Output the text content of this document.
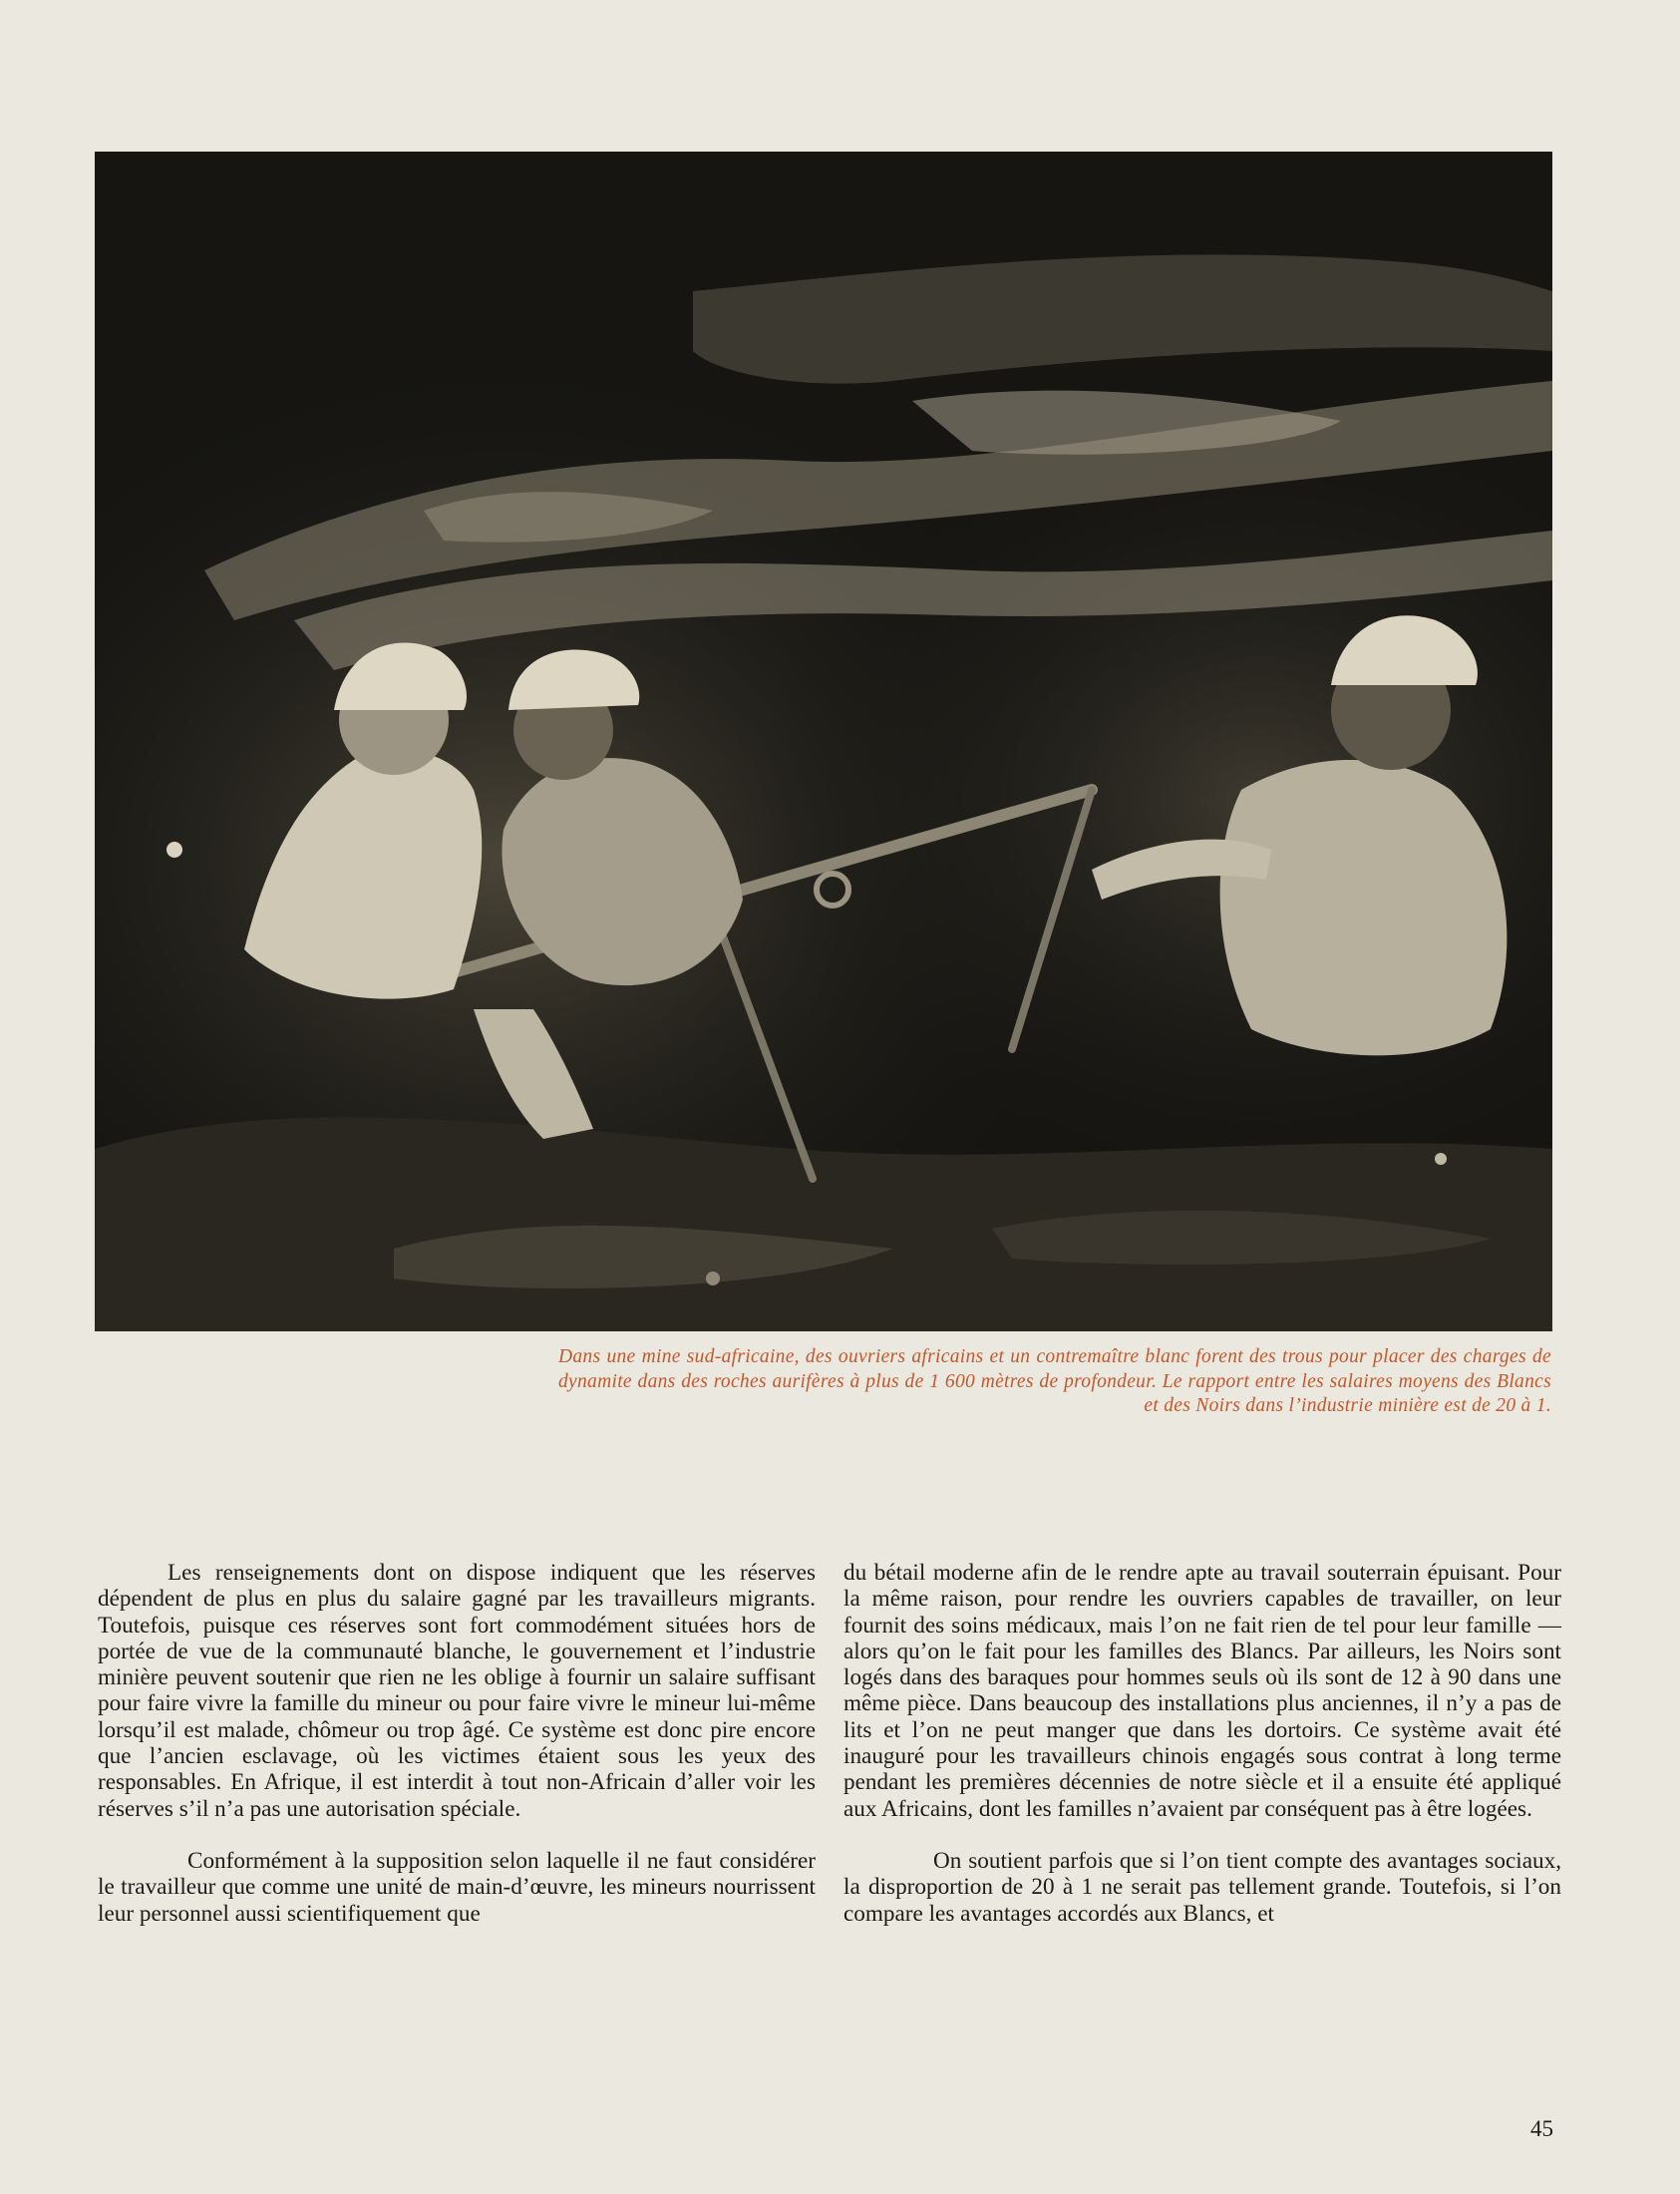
Dans une mine sud-africaine, des ouvriers africains et un contremaître blanc forent des trous pour placer des charges de dynamite dans des roches aurifères à plus de 1 600 mètres de profondeur. Le rapport entre les salaires moyens des Blancs et des Noirs dans l’industrie minière est de 20 à 1.

Les renseignements dont on dispose indiquent que les réserves dépendent de plus en plus du salaire gagné par les travailleurs migrants. Toutefois, puisque ces réserves sont fort commodément situées hors de portée de vue de la communauté blanche, le gouvernement et l’industrie minière peuvent soutenir que rien ne les oblige à fournir un salaire suffisant pour faire vivre la famille du mineur ou pour faire vivre le mineur lui-même lorsqu’il est malade, chômeur ou trop âgé. Ce système est donc pire encore que l’ancien esclavage, où les victimes étaient sous les yeux des responsables. En Afrique, il est interdit à tout non-Africain d’aller voir les réserves s’il n’a pas une autorisation spéciale.

Conformément à la supposition selon laquelle il ne faut considérer le travailleur que comme une unité de main-d’œuvre, les mineurs nourrissent leur personnel aussi scientifiquement que

du bétail moderne afin de le rendre apte au travail souterrain épuisant. Pour la même raison, pour rendre les ouvriers capables de travailler, on leur fournit des soins médicaux, mais l’on ne fait rien de tel pour leur famille — alors qu’on le fait pour les familles des Blancs. Par ailleurs, les Noirs sont logés dans des baraques pour hommes seuls où ils sont de 12 à 90 dans une même pièce. Dans beaucoup des installations plus anciennes, il n’y a pas de lits et l’on ne peut manger que dans les dortoirs. Ce système avait été inauguré pour les travailleurs chinois engagés sous contrat à long terme pendant les premières décennies de notre siècle et il a ensuite été appliqué aux Africains, dont les familles n’avaient par conséquent pas à être logées.

On soutient parfois que si l’on tient compte des avantages sociaux, la disproportion de 20 à 1 ne serait pas tellement grande. Toutefois, si l’on compare les avantages accordés aux Blancs, et

45
